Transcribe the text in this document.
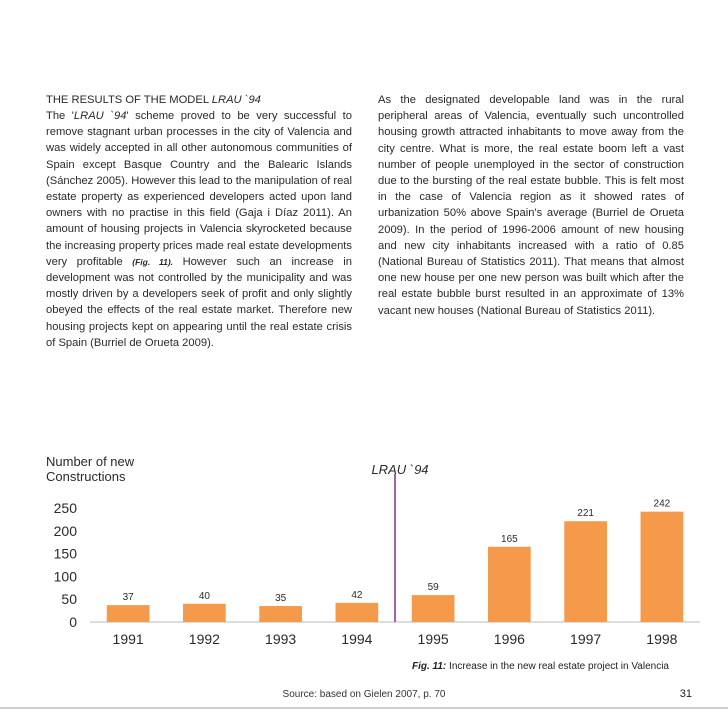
THE RESULTS OF THE MODEL LRAU `94

The 'LRAU `94' scheme proved to be very successful to remove stagnant urban processes in the city of Valencia and was widely accepted in all other autonomous communities of Spain except Basque Country and the Balearic Islands (Sánchez 2005). However this lead to the manipulation of real estate property as experienced developers acted upon land owners with no practise in this field (Gaja i Díaz 2011). An amount of housing projects in Valencia skyrocketed because the increasing property prices made real estate developments very profitable (Fig. 11). However such an increase in development was not controlled by the municipality and was mostly driven by a developers seek of profit and only slightly obeyed the effects of the real estate market. Therefore new housing projects kept on appearing until the real estate crisis of Spain (Burriel de Orueta 2009).

As the designated developable land was in the rural peripheral areas of Valencia, eventually such uncontrolled housing growth attracted inhabitants to move away from the city centre. What is more, the real estate boom left a vast number of people unemployed in the sector of construction due to the bursting of the real estate bubble. This is felt most in the case of Valencia region as it showed rates of urbanization 50% above Spain's average (Burriel de Orueta 2009). In the period of 1996-2006 amount of new housing and new city inhabitants increased with a ratio of 0.85 (National Bureau of Statistics 2011). That means that almost one new house per one new person was built which after the real estate bubble burst resulted in an approximate of 13% vacant new houses (National Bureau of Statistics 2011).

Number of new
Constructions
0
50
100
150
200
250
37	40	35	42
59
165
221
242
1991	1992	1993	1994	1995	1996	1997	1998
LRAU `94
Fig. 11: Increase in the new real estate project in Valencia
Source: based on Gielen 2007, p. 70	31
